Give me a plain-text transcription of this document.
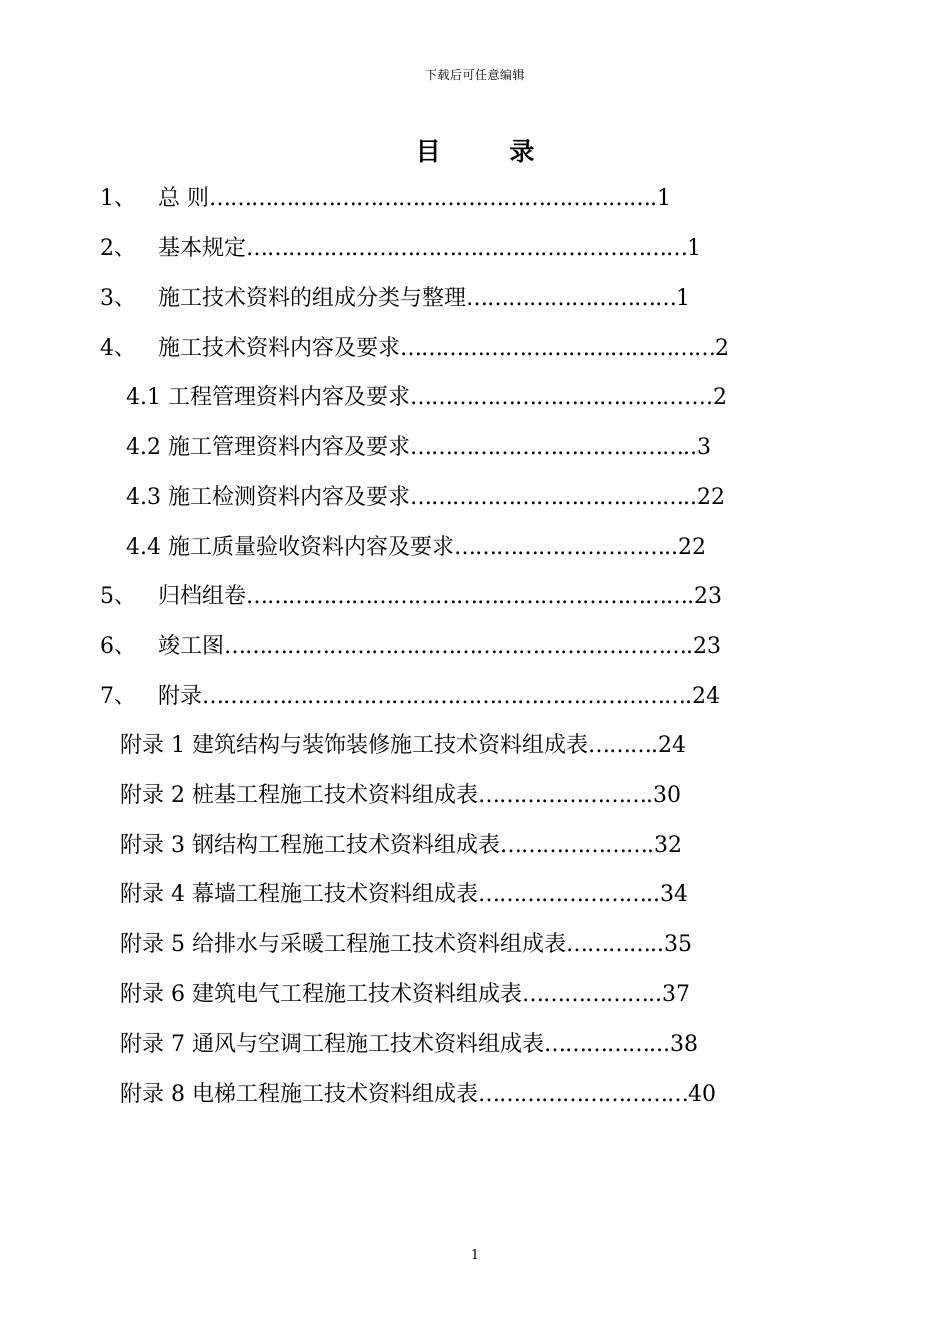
下载后可任意编辑
目 录
1、 总 则……………………………………………………….1
2、 基本规定………………………………………………………1
3、 施工技术资料的组成分类与整理…………………………1
4、 施工技术资料内容及要求………………………………………2
4.1 工程管理资料内容及要求…………………………………….2
4.2 施工管理资料内容及要求…………………………………..3
4.3 施工检测资料内容及要求…………………………………..22
4.4 施工质量验收资料内容及要求…………………………..22
5、 归档组卷……………………………………………………….23
6、 竣工图………………………………………………………….23
7、 附录…………………………………………………………….24
附录 1 建筑结构与装饰装修施工技术资料组成表……….24
附录 2 桩基工程施工技术资料组成表…………………….30
附录 3 钢结构工程施工技术资料组成表………………….32
附录 4 幕墙工程施工技术资料组成表……………………..34
附录 5 给排水与采暖工程施工技术资料组成表…………..35
附录 6 建筑电气工程施工技术资料组成表………………..37
附录 7 通风与空调工程施工技术资料组成表……………...38
附录 8 电梯工程施工技术资料组成表…………………………40
1
